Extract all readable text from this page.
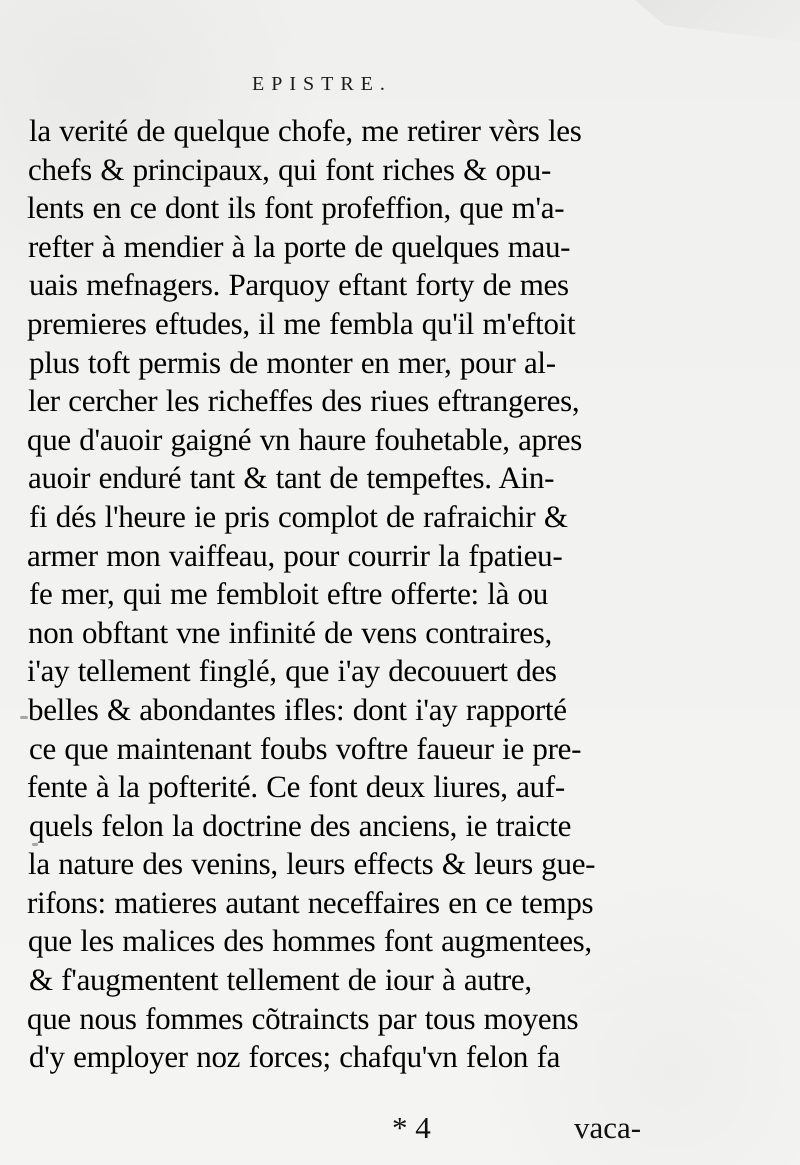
EPISTRE.
la verité de quelque chofe, me retirer vèrs les
chefs & principaux, qui font riches & opu-
lents en ce dont ils font profeffion, que m'a-
refter à mendier à la porte de quelques mau-
uais mefnagers. Parquoy eftant forty de mes
premieres eftudes, il me fembla qu'il m'eftoit
plus toft permis de monter en mer, pour al-
ler cercher les richeffes des riues eftrangeres,
que d'auoir gaigné vn haure fouhetable, apres
auoir enduré tant & tant de tempeftes. Ain-
fi dés l'heure ie pris complot de rafraichir &
armer mon vaiffeau, pour courrir la fpatieu-
fe mer, qui me fembloit eftre offerte: là ou
non obftant vne infinité de vens contraires,
i'ay tellement finglé, que i'ay decouuert des
belles & abondantes ifles: dont i'ay rapporté
ce que maintenant foubs voftre faueur ie pre-
fente à la pofterité. Ce font deux liures, auf-
quels felon la doctrine des anciens, ie traicte
la nature des venins, leurs effects & leurs gue-
rifons: matieres autant neceffaires en ce temps
que les malices des hommes font augmentees,
& f'augmentent tellement de iour à autre,
que nous fommes cõtraincts par tous moyens
d'y employer noz forces; chafqu'vn felon fa
* 4	vaca-
